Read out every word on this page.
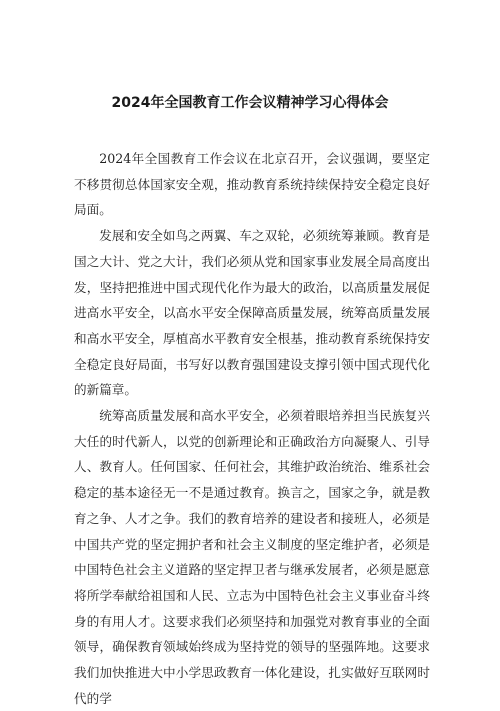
2024年全国教育工作会议精神学习心得体会

2024年全国教育工作会议在北京召开，会议强调，要坚定不移贯彻总体国家安全观，推动教育系统持续保持安全稳定良好局面。

发展和安全如鸟之两翼、车之双轮，必须统筹兼顾。教育是国之大计、党之大计，我们必须从党和国家事业发展全局高度出发，坚持把推进中国式现代化作为最大的政治，以高质量发展促进高水平安全，以高水平安全保障高质量发展，统筹高质量发展和高水平安全，厚植高水平教育安全根基，推动教育系统保持安全稳定良好局面，书写好以教育强国建设支撑引领中国式现代化的新篇章。

统筹高质量发展和高水平安全，必须着眼培养担当民族复兴大任的时代新人，以党的创新理论和正确政治方向凝聚人、引导人、教育人。任何国家、任何社会，其维护政治统治、维系社会稳定的基本途径无一不是通过教育。换言之，国家之争，就是教育之争、人才之争。我们的教育培养的建设者和接班人，必须是中国共产党的坚定拥护者和社会主义制度的坚定维护者，必须是中国特色社会主义道路的坚定捍卫者与继承发展者，必须是愿意将所学奉献给祖国和人民、立志为中国特色社会主义事业奋斗终身的有用人才。这要求我们必须坚持和加强党对教育事业的全面领导，确保教育领域始终成为坚持党的领导的坚强阵地。这要求我们加快推进大中小学思政教育一体化建设，扎实做好互联网时代的学
